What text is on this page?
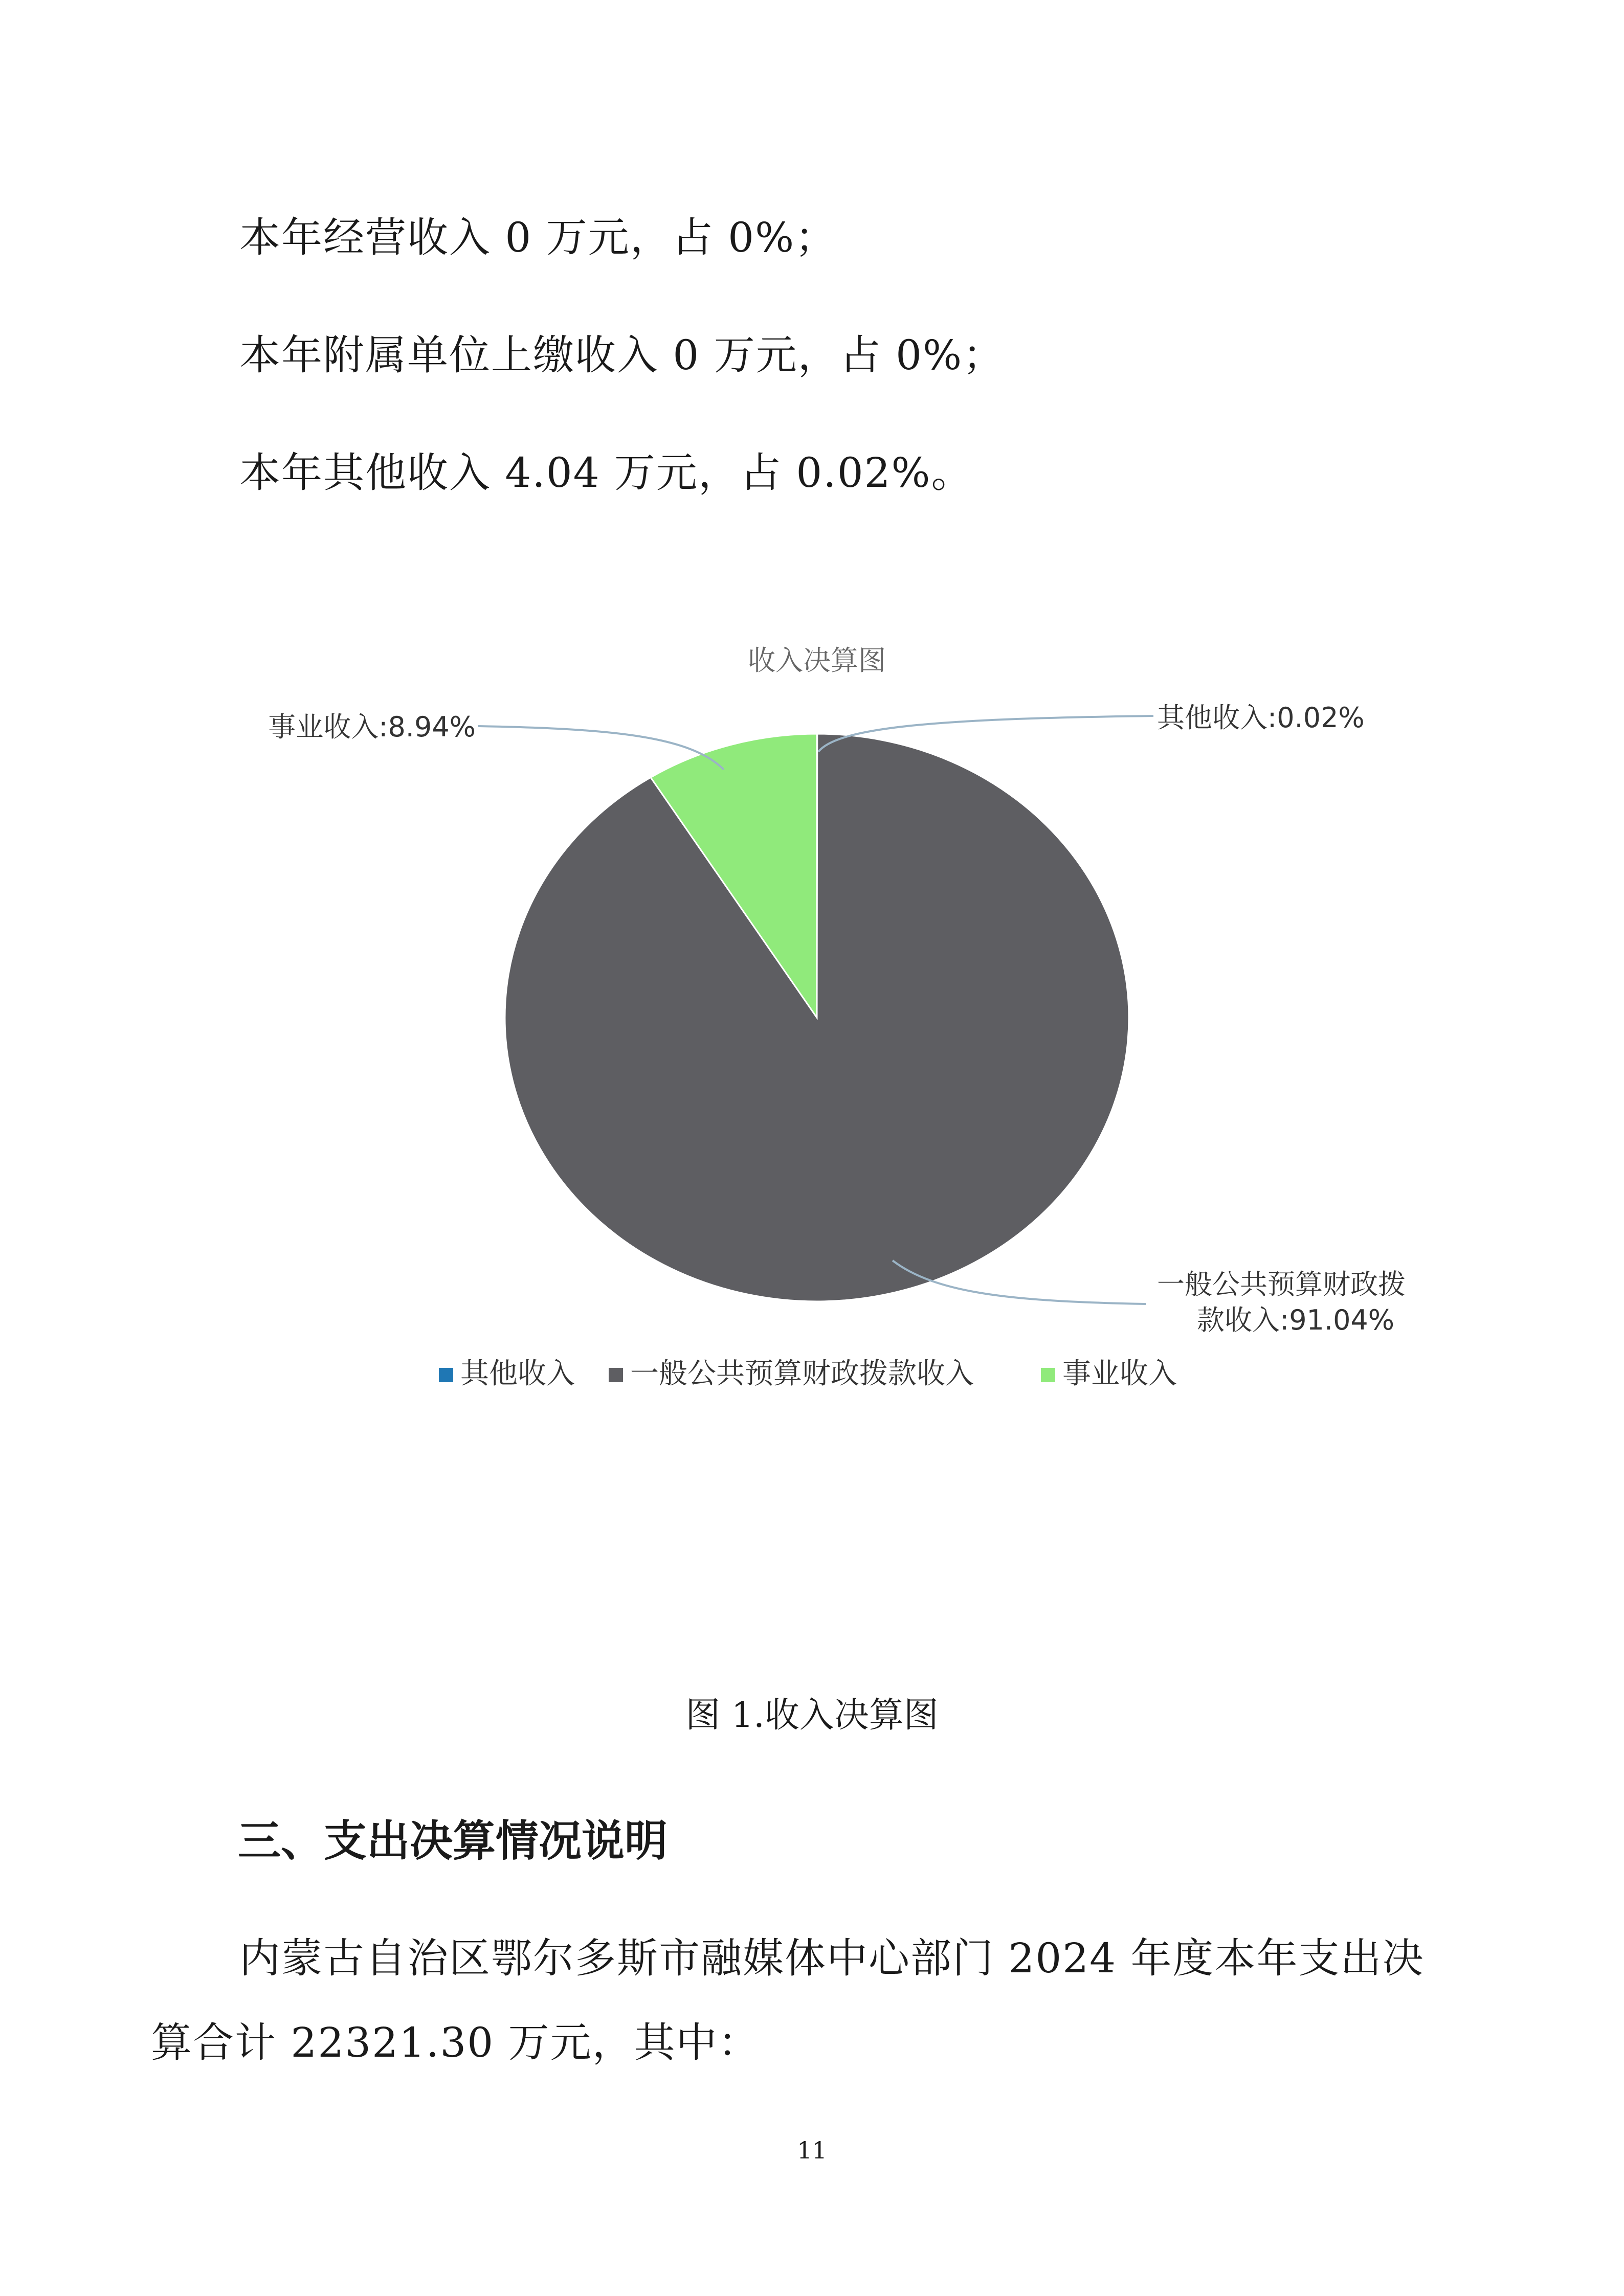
本年经营收入 0 万元，占 0%；

本年附属单位上缴收入 0 万元，占 0%；

本年其他收入 4.04 万元，占 0.02%。

收入决算图
事业收入:8.94%	其他收入:0.02%
一般公共预算财政拨
款收入:91.04%
其他收入 一般公共预算财政拨款收入	事业收入
图 1.收入决算图
三、支出决算情况说明

内蒙古自治区鄂尔多斯市融媒体中心部门 2024 年度本年支出决

算合计 22321.30 万元，其中：

11
